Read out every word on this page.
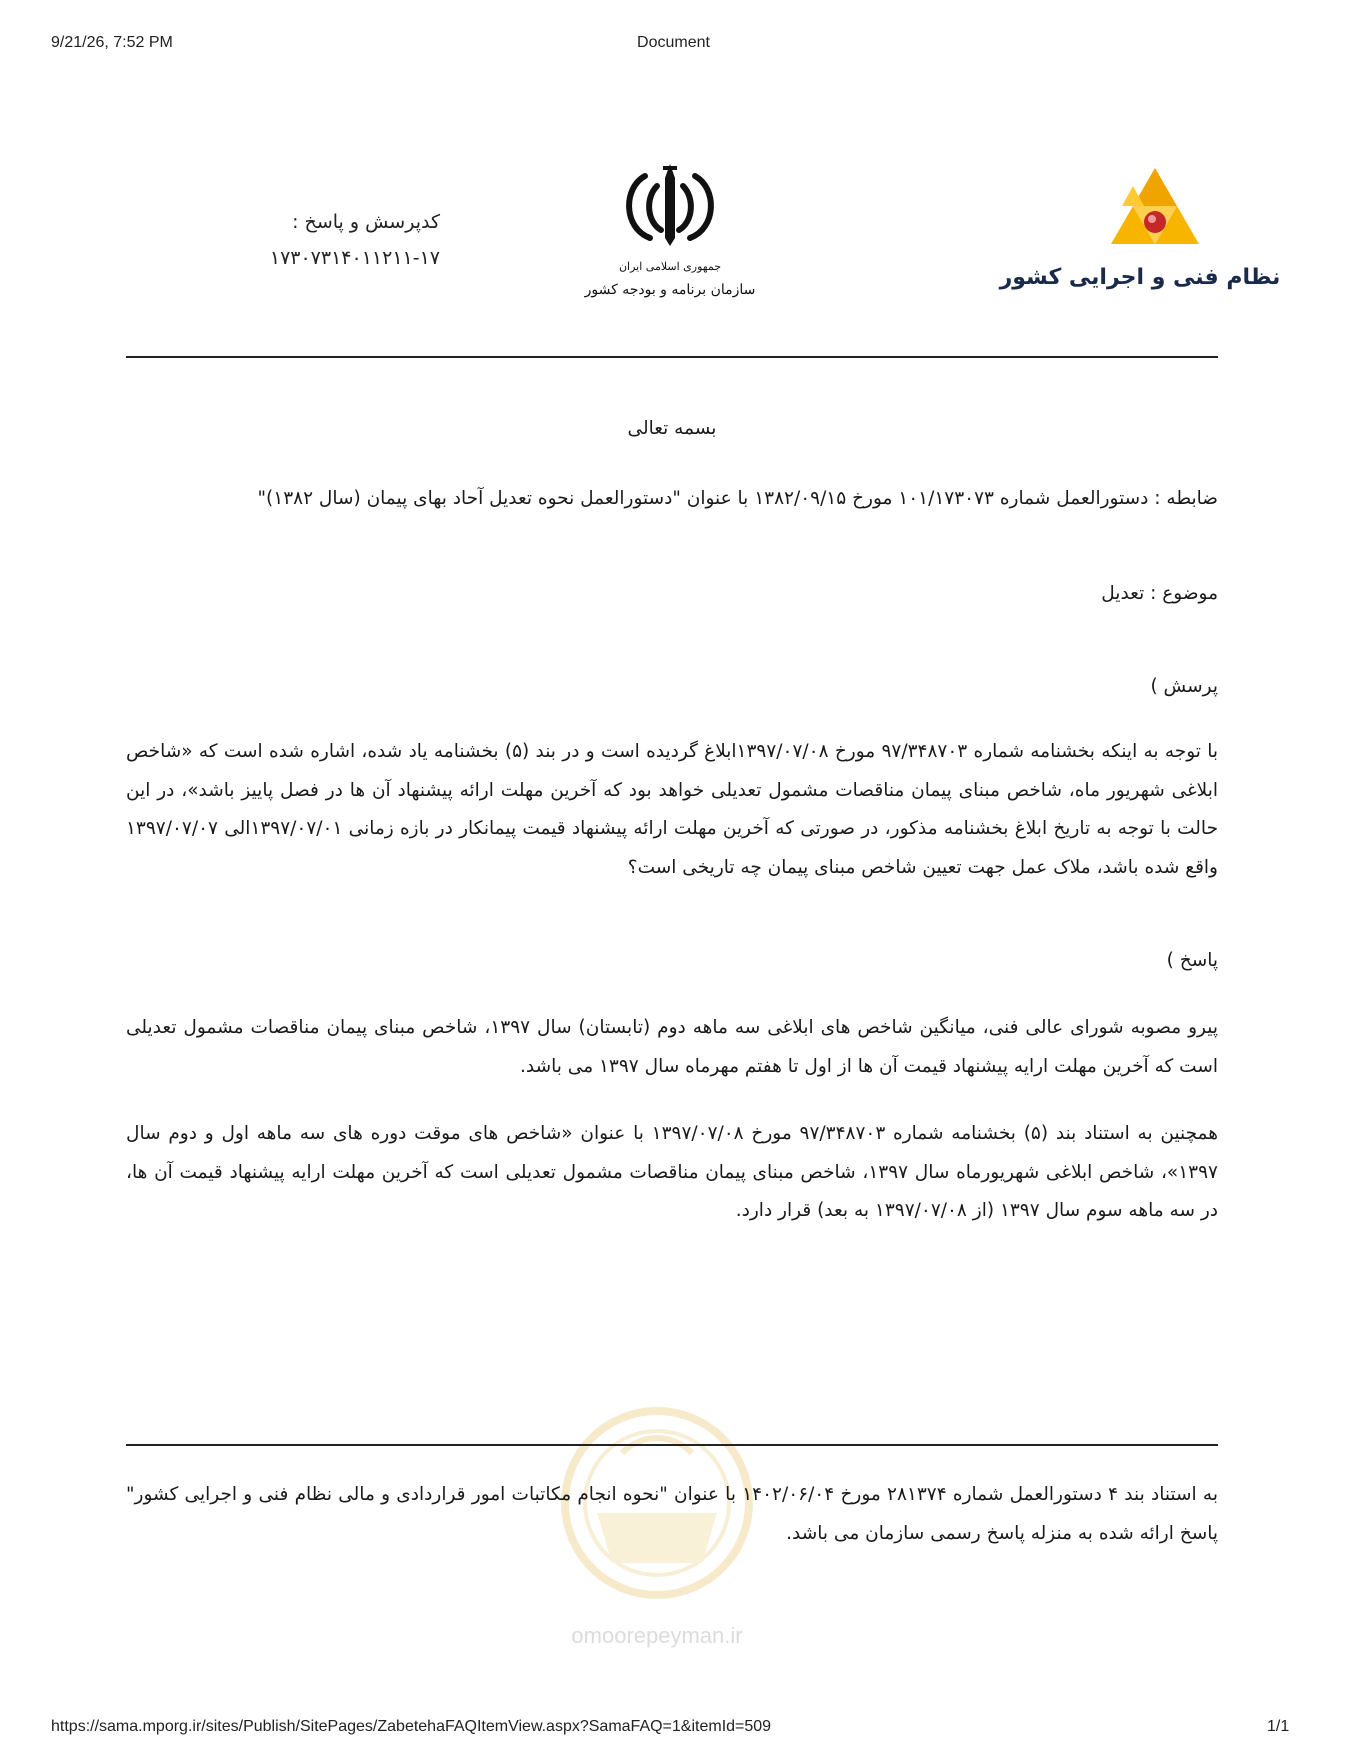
9/21/26, 7:52 PM	Document
کدپرسش و پاسخ :
۱۷۳۰۷۳۱۴۰۱۱۲۱۱-۱۷	جمهوری اسلامی ایران
سازمان برنامه و بودجه کشور	نظام فنی و اجرایی کشور
بسمه تعالی
ضابطه : دستورالعمل شماره ۱۰۱/۱۷۳۰۷۳ مورخ ۱۳۸۲/۰۹/۱۵ با عنوان "دستورالعمل نحوه تعدیل آحاد بهای پیمان (سال ۱۳۸۲)"
موضوع : تعدیل
پرسش )
با توجه به اینکه بخشنامه شماره ۹۷/۳۴۸۷۰۳ مورخ ۱۳۹۷/۰۷/۰۸ابلاغ گردیده است و در بند (۵) بخشنامه یاد شده، اشاره شده است که «شاخص ابلاغی شهریور ماه، شاخص مبنای پیمان مناقصات مشمول تعدیلی خواهد بود که آخرین مهلت ارائه پیشنهاد آن ها در فصل پاییز باشد»، در این حالت با توجه به تاریخ ابلاغ بخشنامه مذکور، در صورتی که آخرین مهلت ارائه پیشنهاد قیمت پیمانکار در بازه زمانی ۱۳۹۷/۰۷/۰۱الی ۱۳۹۷/۰۷/۰۷ واقع شده باشد، ملاک عمل جهت تعیین شاخص مبنای پیمان چه تاریخی است؟
پاسخ )
پیرو مصوبه شورای عالی فنی، میانگین شاخص های ابلاغی سه ماهه دوم (تابستان) سال ۱۳۹۷، شاخص مبنای پیمان مناقصات مشمول تعدیلی است که آخرین مهلت ارایه پیشنهاد قیمت آن ها از اول تا هفتم مهرماه سال ۱۳۹۷ می باشد.
همچنین به استناد بند (۵) بخشنامه شماره ۹۷/۳۴۸۷۰۳ مورخ ۱۳۹۷/۰۷/۰۸ با عنوان «شاخص های موقت دوره های سه ماهه اول و دوم سال ۱۳۹۷»، شاخص ابلاغی شهریورماه سال ۱۳۹۷، شاخص مبنای پیمان مناقصات مشمول تعدیلی است که آخرین مهلت ارایه پیشنهاد قیمت آن ها، در سه ماهه سوم سال ۱۳۹۷ (از ۱۳۹۷/۰۷/۰۸ به بعد) قرار دارد.
omoorepeyman.ir
به استناد بند ۴ دستورالعمل شماره ۲۸۱۳۷۴ مورخ ۱۴۰۲/۰۶/۰۴ با عنوان "نحوه انجام مکاتبات امور قراردادی و مالی نظام فنی و اجرایی کشور" پاسخ ارائه شده به منزله پاسخ رسمی سازمان می باشد.
https://sama.mporg.ir/sites/Publish/SitePages/ZabetehaFAQItemView.aspx?SamaFAQ=1&itemId=509	1/1
